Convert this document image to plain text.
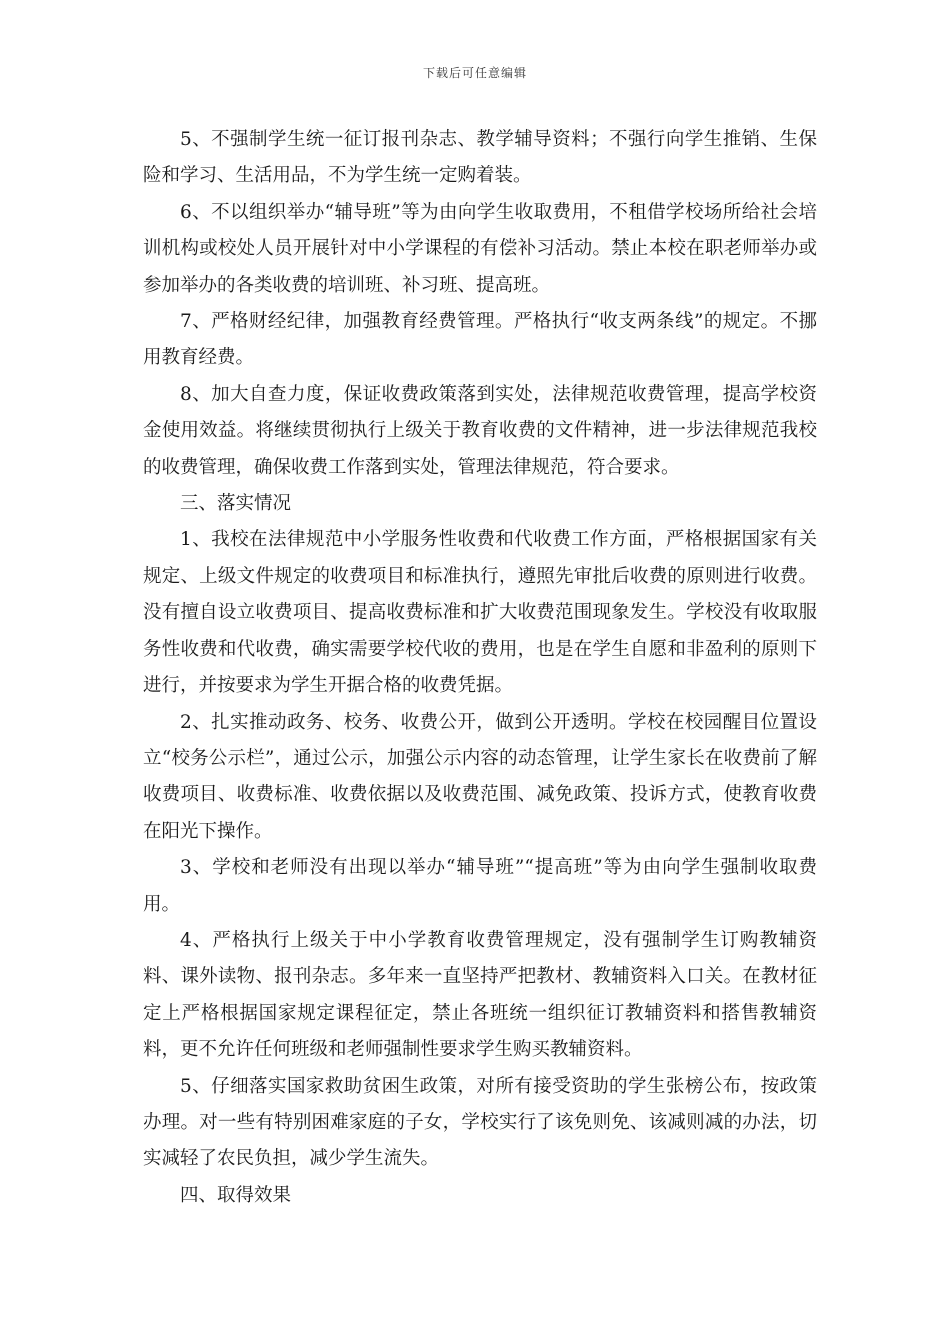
下载后可任意编辑

5、不强制学生统一征订报刊杂志、教学辅导资料；不强行向学生推销、生保险和学习、生活用品，不为学生统一定购着装。

6、不以组织举办“辅导班”等为由向学生收取费用，不租借学校场所给社会培训机构或校处人员开展针对中小学课程的有偿补习活动。禁止本校在职老师举办或参加举办的各类收费的培训班、补习班、提高班。

7、严格财经纪律，加强教育经费管理。严格执行“收支两条线”的规定。不挪用教育经费。

8、加大自查力度，保证收费政策落到实处，法律规范收费管理，提高学校资金使用效益。将继续贯彻执行上级关于教育收费的文件精神，进一步法律规范我校的收费管理，确保收费工作落到实处，管理法律规范，符合要求。

三、落实情况

1、我校在法律规范中小学服务性收费和代收费工作方面，严格根据国家有关规定、上级文件规定的收费项目和标准执行，遵照先审批后收费的原则进行收费。没有擅自设立收费项目、提高收费标准和扩大收费范围现象发生。学校没有收取服务性收费和代收费，确实需要学校代收的费用，也是在学生自愿和非盈利的原则下进行，并按要求为学生开据合格的收费凭据。

2、扎实推动政务、校务、收费公开，做到公开透明。学校在校园醒目位置设立“校务公示栏”，通过公示，加强公示内容的动态管理，让学生家长在收费前了解收费项目、收费标准、收费依据以及收费范围、减免政策、投诉方式，使教育收费在阳光下操作。

3、学校和老师没有出现以举办“辅导班”“提高班”等为由向学生强制收取费用。

4、严格执行上级关于中小学教育收费管理规定，没有强制学生订购教辅资料、课外读物、报刊杂志。多年来一直坚持严把教材、教辅资料入口关。在教材征定上严格根据国家规定课程征定，禁止各班统一组织征订教辅资料和搭售教辅资料，更不允许任何班级和老师强制性要求学生购买教辅资料。

5、仔细落实国家救助贫困生政策，对所有接受资助的学生张榜公布，按政策办理。对一些有特别困难家庭的子女，学校实行了该免则免、该减则减的办法，切实减轻了农民负担，减少学生流失。

四、取得效果
